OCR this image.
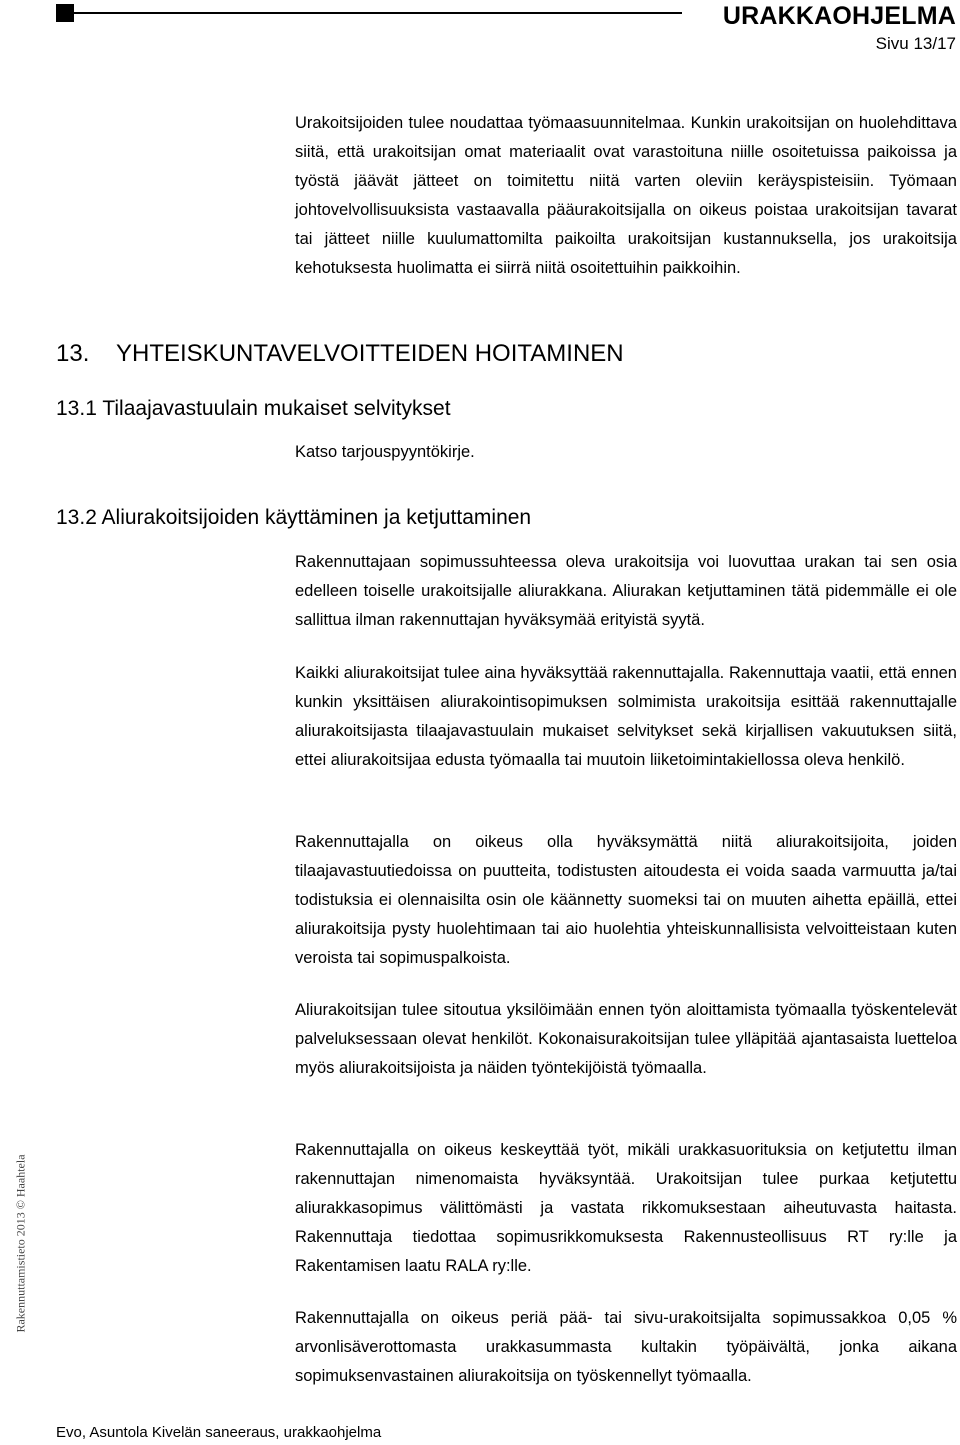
URAKKAOHJELMA
Sivu 13/17

Urakoitsijoiden tulee noudattaa työmaasuunnitelmaa. Kunkin urakoitsijan on huolehdittava siitä, että urakoitsijan omat materiaalit ovat varastoituna niille osoitetuissa paikoissa ja työstä jäävät jätteet on toimitettu niitä varten oleviin keräyspisteisiin. Työmaan johtovelvollisuuksista vastaavalla pääurakoitsijalla on oikeus poistaa urakoitsijan tavarat tai jätteet niille kuulumattomilta paikoilta urakoitsijan kustannuksella, jos urakoitsija kehotuksesta huolimatta ei siirrä niitä osoitettuihin paikkoihin.

13. YHTEISKUNTAVELVOITTEIDEN HOITAMINEN
13.1 Tilaajavastuulain mukaiset selvitykset

Katso tarjouspyyntökirje.

13.2 Aliurakoitsijoiden käyttäminen ja ketjuttaminen

Rakennuttajaan sopimussuhteessa oleva urakoitsija voi luovuttaa urakan tai sen osia edelleen toiselle urakoitsijalle aliurakkana. Aliurakan ketjuttaminen tätä pidemmälle ei ole sallittua ilman rakennuttajan hyväksymää erityistä syytä.

Kaikki aliurakoitsijat tulee aina hyväksyttää rakennuttajalla. Rakennuttaja vaatii, että ennen kunkin yksittäisen aliurakointisopimuksen solmimista urakoitsija esittää rakennuttajalle aliurakoitsijasta tilaajavastuulain mukaiset selvitykset sekä kirjallisen vakuutuksen siitä, ettei aliurakoitsijaa edusta työmaalla tai muutoin liiketoimintakiellossa oleva henkilö.

Rakennuttajalla on oikeus olla hyväksymättä niitä aliurakoitsijoita, joiden tilaajavastuutiedoissa on puutteita, todistusten aitoudesta ei voida saada varmuutta ja/tai todistuksia ei olennaisilta osin ole käännetty suomeksi tai on muuten aihetta epäillä, ettei aliurakoitsija pysty huolehtimaan tai aio huolehtia yhteiskunnallisista velvoitteistaan kuten veroista tai sopimuspalkoista.

Aliurakoitsijan tulee sitoutua yksilöimään ennen työn aloittamista työmaalla työskentelevät palveluksessaan olevat henkilöt. Kokonaisurakoitsijan tulee ylläpitää ajantasaista luetteloa myös aliurakoitsijoista ja näiden työntekijöistä työmaalla.

Rakennuttajalla on oikeus keskeyttää työt, mikäli urakkasuorituksia on ketjutettu ilman rakennuttajan nimenomaista hyväksyntää. Urakoitsijan tulee purkaa ketjutettu aliurakkasopimus välittömästi ja vastata rikkomuksestaan aiheutuvasta haitasta. Rakennuttaja tiedottaa sopimusrikkomuksesta Rakennusteollisuus RT ry:lle ja Rakentamisen laatu RALA ry:lle.

Rakennuttajalla on oikeus periä pää- tai sivu-urakoitsijalta sopimussakkoa 0,05 % arvonlisäverottomasta urakkasummasta kultakin työpäivältä, jonka aikana sopimuksenvastainen aliurakoitsija on työskennellyt työmaalla.

Rakennuttamistieto 2013 © Haahtela
Evo, Asuntola Kivelän saneeraus, urakkaohjelma
